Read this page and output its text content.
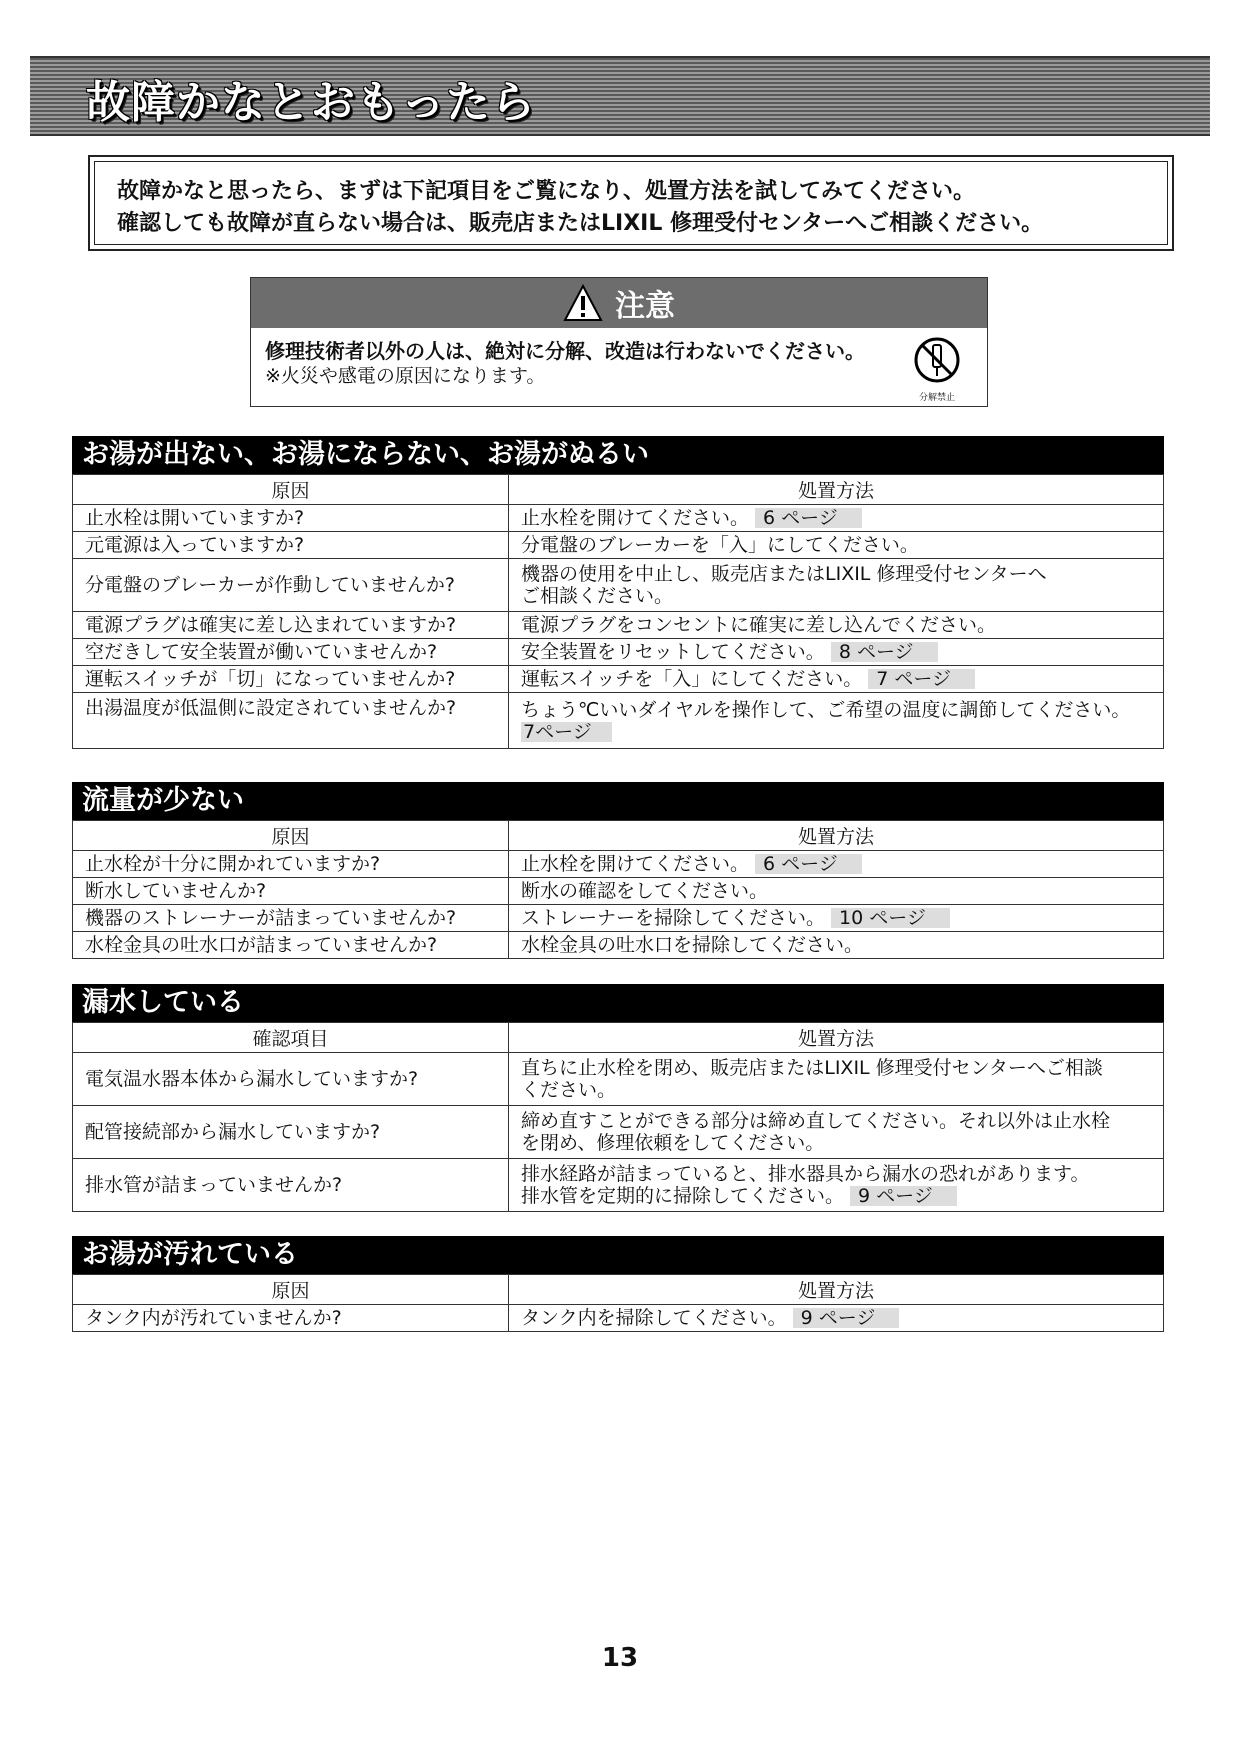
故障かなとおもったら

故障かなと思ったら、まずは下記項目をご覧になり、処置方法を試してみてください。

確認しても故障が直らない場合は、販売店またはLIXIL 修理受付センターへご相談ください。

注意
修理技術者以外の人は、絶対に分解、改造は行わないでください。
※火災や感電の原因になります。
分解禁止
お湯が出ない、お湯にならない、お湯がぬるい
原因	処置方法
止水栓は開いていますか?	止水栓を開けてください。 6 ページ
元電源は入っていますか?	分電盤のブレーカーを「入」にしてください。
分電盤のブレーカーが作動していませんか?	機器の使用を中止し、販売店またはLIXIL 修理受付センターへ
ご相談ください。

電源プラグは確実に差し込まれていますか?	電源プラグをコンセントに確実に差し込んでください。
空だきして安全装置が働いていませんか?	安全装置をリセットしてください。 8 ページ
運転スイッチが「切」になっていませんか?	運転スイッチを「入」にしてください。 7 ページ
出湯温度が低温側に設定されていませんか?	ちょう℃いいダイヤルを操作して、ご希望の温度に調節してください。
7ページ
流量が少ない
原因	処置方法
止水栓が十分に開かれていますか?	止水栓を開けてください。 6 ページ
断水していませんか?	断水の確認をしてください。
機器のストレーナーが詰まっていませんか?	ストレーナーを掃除してください。 10 ページ
水栓金具の吐水口が詰まっていませんか?	水栓金具の吐水口を掃除してください。
漏水している
確認項目	処置方法
電気温水器本体から漏水していますか?	直ちに止水栓を閉め、販売店またはLIXIL 修理受付センターへご相談
ください。

配管接続部から漏水していますか?	締め直すことができる部分は締め直してください。それ以外は止水栓
を閉め、修理依頼をしてください。

排水管が詰まっていませんか?	排水経路が詰まっていると、排水器具から漏水の恐れがあります。
排水管を定期的に掃除してください。 9 ページ
お湯が汚れている
原因	処置方法
タンク内が汚れていませんか?	タンク内を掃除してください。 9 ページ
13
